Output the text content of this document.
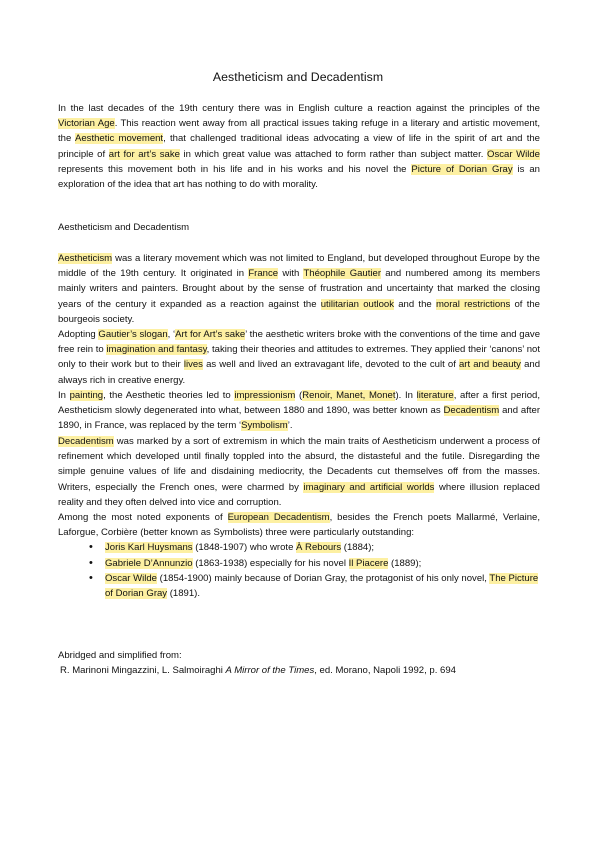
Aestheticism and Decadentism

In the last decades of the 19th century there was in English culture a reaction against the principles of the Victorian Age. This reaction went away from all practical issues taking refuge in a literary and artistic movement, the Aesthetic movement, that challenged traditional ideas advocating a view of life in the spirit of art and the principle of art for art’s sake in which great value was attached to form rather than subject matter. Oscar Wilde represents this movement both in his life and in his works and his novel the Picture of Dorian Gray is an exploration of the idea that art has nothing to do with morality.

Aestheticism and Decadentism

Aestheticism was a literary movement which was not limited to England, but developed throughout Europe by the middle of the 19th century. It originated in France with Théophile Gautier and numbered among its members mainly writers and painters. Brought about by the sense of frustration and uncertainty that marked the closing years of the century it expanded as a reaction against the utilitarian outlook and the moral restrictions of the bourgeois society.

Adopting Gautier’s slogan, ‘Art for Art’s sake’ the aesthetic writers broke with the conventions of the time and gave free rein to imagination and fantasy, taking their theories and attitudes to extremes. They applied their ‘canons’ not only to their work but to their lives as well and lived an extravagant life, devoted to the cult of art and beauty and always rich in creative energy.

In painting, the Aesthetic theories led to impressionism (Renoir, Manet, Monet). In literature, after a first period, Aestheticism slowly degenerated into what, between 1880 and 1890, was better known as Decadentism and after 1890, in France, was replaced by the term ‘Symbolism’.

Decadentism was marked by a sort of extremism in which the main traits of Aestheticism underwent a process of refinement which developed until finally toppled into the absurd, the distasteful and the futile. Disregarding the simple genuine values of life and disdaining mediocrity, the Decadents cut themselves off from the masses. Writers, especially the French ones, were charmed by imaginary and artificial worlds where illusion replaced reality and they often delved into vice and corruption.

Among the most noted exponents of European Decadentism, besides the French poets Mallarmé, Verlaine, Laforgue, Corbière (better known as Symbolists) three were particularly outstanding:

• Joris Karl Huysmans (1848-1907) who wrote À Rebours (1884);
• Gabriele D’Annunzio (1863-1938) especially for his novel Il Piacere (1889);
• Oscar Wilde (1854-1900) mainly because of Dorian Gray, the protagonist of his only novel, The Picture of Dorian Gray (1891).

Abridged and simplified from:

R. Marinoni Mingazzini, L. Salmoiraghi A Mirror of the Times, ed. Morano, Napoli 1992, p. 694
